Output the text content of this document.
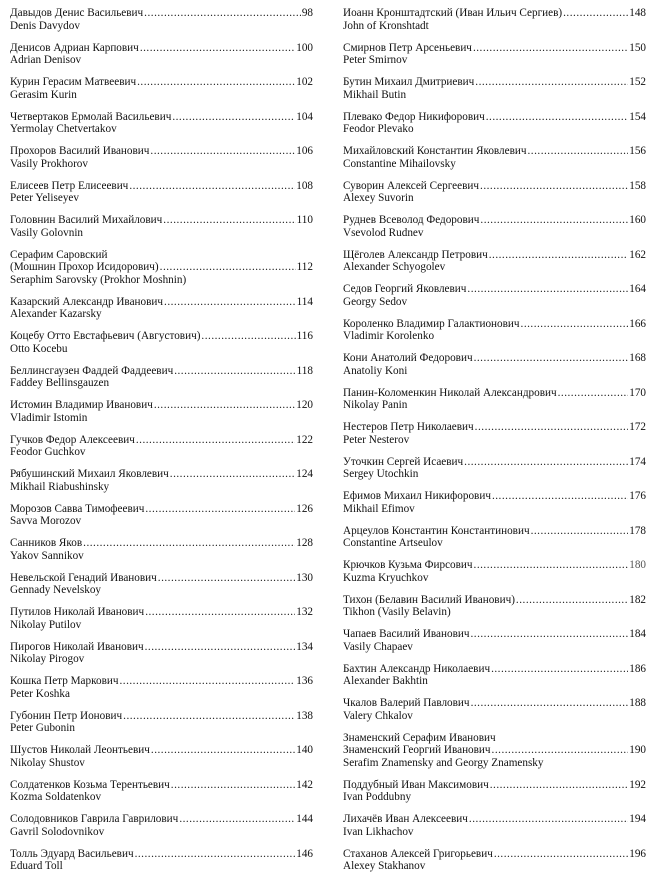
Давыдов Денис Васильевич .....	98
Denis Davydov
Денисов Адриан Карпович .....	100
Adrian Denisov
Курин Герасим Матвеевич .....	102
Gerasim Kurin
Четвертаков Ермолай Васильевич .....	104
Yermolay Chetvertakov
Прохоров Василий Иванович .....	106
Vasily Prokhorov
Елисеев Петр Елисеевич .....	108
Peter Yeliseyev
Головнин Василий Михайлович .....	110
Vasily Golovnin
Серафим Саровский
(Мошнин Прохор Исидорович) .....	112
Seraphim Sarovsky (Prokhor Moshnin)
Казарский Александр Иванович .....	114
Alexander Kazarsky
Коцебу Отто Евстафьевич (Августович) .....	116
Otto Kocebu
Беллинсгаузен Фаддей Фаддеевич .....	118
Faddey Bellinsgauzen
Истомин Владимир Иванович .....	120
Vladimir Istomin
Гучков Федор Алексеевич .....	122
Feodor Guchkov
Рябушинский Михаил Яковлевич .....	124
Mikhail Riabushinsky
Морозов Савва Тимофеевич .....	126
Savva Morozov
Санников Яков .....	128
Yakov Sannikov
Невельской Генадий Иванович .....	130
Gennady Nevelskoy
Путилов Николай Иванович .....	132
Nikolay Putilov
Пирогов Николай Иванович .....	134
Nikolay Pirogov
Кошка Петр Маркович .....	136
Peter Koshka
Губонин Петр Ионович .....	138
Peter Gubonin
Шустов Николай Леонтьевич .....	140
Nikolay Shustov
Солдатенков Козьма Терентьевич .....	142
Kozma Soldatenkov
Солодовников Гаврила Гаврилович .....	144
Gavril Solodovnikov
Толль Эдуард Васильевич .....	146
Eduard Toll
Иоанн Кронштадтский (Иван Ильич Сергиев) .....	148
John of Kronshtadt
Смирнов Петр Арсеньевич .....	150
Peter Smirnov
Бутин Михаил Дмитриевич .....	152
Mikhail Butin
Плевако Федор Никифорович .....	154
Feodor Plevako
Михайловский Константин Яковлевич .....	156
Constantine Mihailovsky
Суворин Алексей Сергеевич .....	158
Alexey Suvorin
Руднев Всеволод Федорович .....	160
Vsevolod Rudnev
Щёголев Александр Петрович .....	162
Alexander Schyogolev
Седов Георгий Яковлевич .....	164
Georgy Sedov
Короленко Владимир Галактионович .....	166
Vladimir Korolenko
Кони Анатолий Федорович .....	168
Anatoliy Koni
Панин-Коломенкин Николай Александрович .....	170
Nikolay Panin
Нестеров Петр Николаевич .....	172
Peter Nesterov
Уточкин Сергей Исаевич .....	174
Sergey Utochkin
Ефимов Михаил Никифорович .....	176
Mikhail Efimov
Арцеулов Константин Константинович .....	178
Constantine Artseulov
Крючков Кузьма Фирсович .....	180
Kuzma Kryuchkov
Тихон (Белавин Василий Иванович) .....	182
Tikhon (Vasily Belavin)
Чапаев Василий Иванович .....	184
Vasily Chapaev
Бахтин Александр Николаевич .....	186
Alexander Bakhtin
Чкалов Валерий Павлович .....	188
Valery Chkalov
Знаменский Серафим Иванович
Знаменский Георгий Иванович .....	190
Serafim Znamensky and Georgy Znamensky
Поддубный Иван Максимович .....	192
Ivan Poddubny
Лихачёв Иван Алексеевич .....	194
Ivan Likhachov
Стаханов Алексей Григорьевич .....	196
Alexey Stakhanov
